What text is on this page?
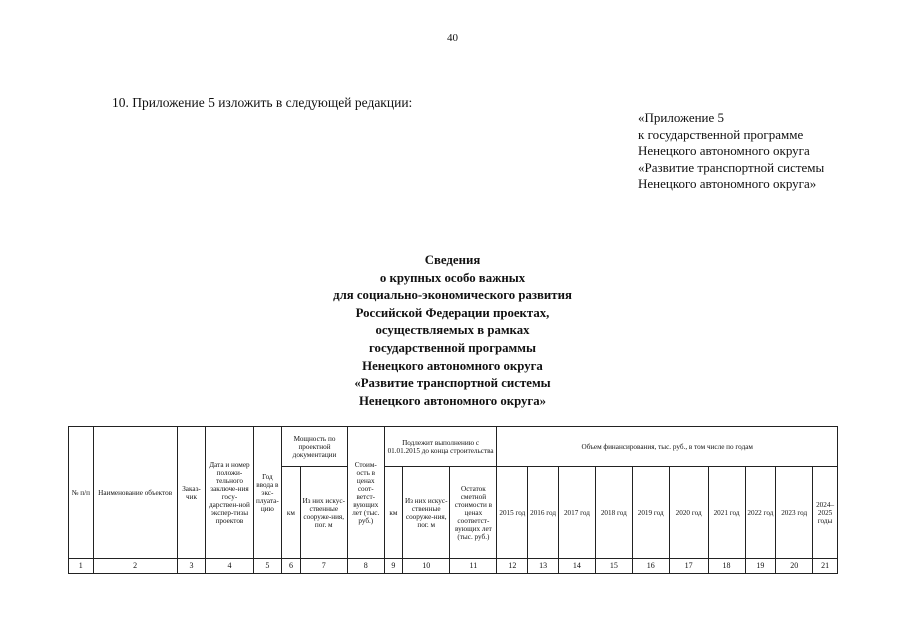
40
10. Приложение 5 изложить в следующей редакции:
«Приложение 5
к государственной программе
Ненецкого автономного округа
«Развитие транспортной системы
Ненецкого автономного округа»
Сведения
о крупных особо важных
для социально-экономического развития
Российской Федерации проектах,
осуществляемых в рамках
государственной программы
Ненецкого автономного округа
«Развитие транспортной системы
Ненецкого автономного округа»
№ п/п	Наименование объектов	Заказ-чик	Дата и номер положи-тельного заключе-ния госу-дарствен-ной экспер-тизы проектов	Год ввода в экс-плуата-цию	Мощность по проектной документации		Стоим-ость в ценах соот-ветст-вующих лет (тыс. руб.)	Подлежит выполнению с 01.01.2015 до конца строительства			Объем финансирования, тыс. руб., в том числе по годам									
					км	Из них искус-ственные сооруже-ния, пог. м		км	Из них искус-ственные сооруже-ния, пог. м	Остаток сметной стоимости в ценах соответст-вующих лет (тыс. руб.)	2015 год	2016 год	2017 год	2018 год	2019 год	2020 год	2021 год	2022 год	2023 год	2024–2025 годы
1	2	3	4	5	6	7	8	9	10	11	12	13	14	15	16	17	18	19	20	21
